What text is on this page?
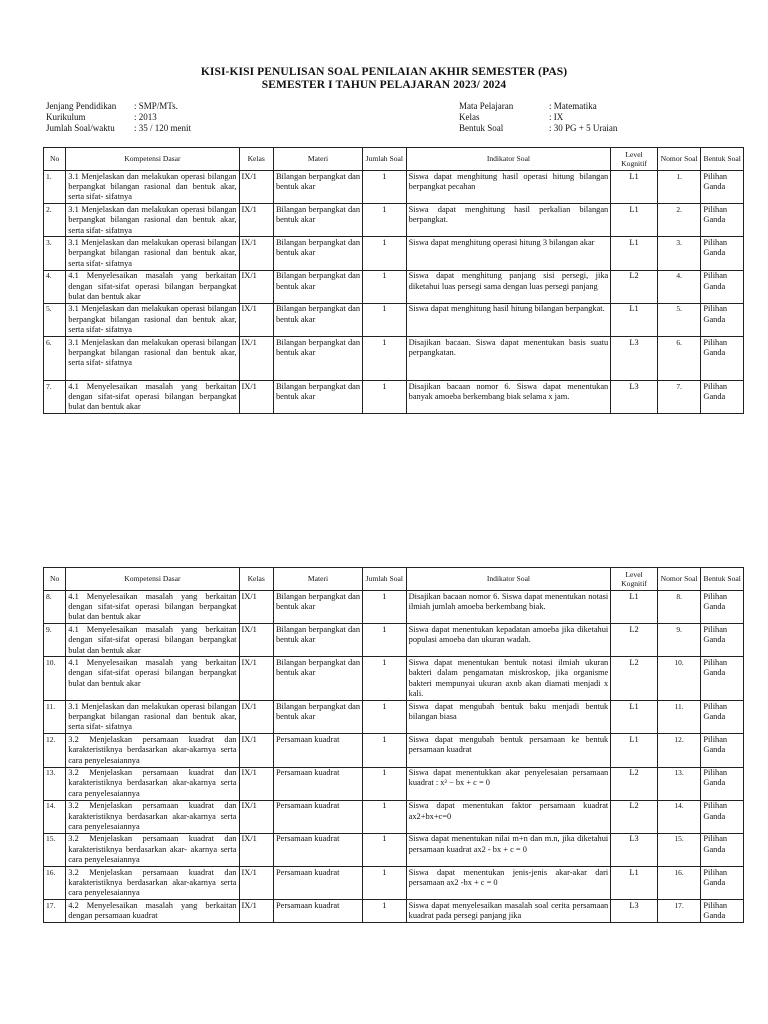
KISI-KISI PENULISAN SOAL PENILAIAN AKHIR SEMESTER (PAS)
SEMESTER I TAHUN PELAJARAN 2023/ 2024
Jenjang Pendidikan	: SMP/MTs.
Kurikulum	: 2013
Jumlah Soal/waktu	: 35 / 120 menit
Mata Pelajaran	: Matematika
Kelas	: IX
Bentuk Soal	: 30 PG + 5 Uraian
No	Kompetensi Dasar	Kelas	Materi	Jumlah Soal	Indikator Soal	Level Kognitif	Nomor Soal	Bentuk Soal
1.	3.1 Menjelaskan dan melakukan operasi bilangan berpangkat bilangan rasional dan bentuk akar, serta sifat- sifatnya	IX/1	Bilangan berpangkat dan bentuk akar	1	Siswa dapat menghitung hasil operasi hitung bilangan berpangkat pecahan	L1	1.	Pilihan Ganda
2.	3.1 Menjelaskan dan melakukan operasi bilangan berpangkat bilangan rasional dan bentuk akar, serta sifat- sifatnya	IX/1	Bilangan berpangkat dan bentuk akar	1	Siswa dapat menghitung hasil perkalian bilangan berpangkat.	L1	2.	Pilihan Ganda
3.	3.1 Menjelaskan dan melakukan operasi bilangan berpangkat bilangan rasional dan bentuk akar, serta sifat- sifatnya	IX/1	Bilangan berpangkat dan bentuk akar	1	Siswa dapat menghitung operasi hitung 3 bilangan akar	L1	3.	Pilihan Ganda
4.	4.1 Menyelesaikan masalah yang berkaitan dengan sifat-sifat operasi bilangan berpangkat bulat dan bentuk akar	IX/1	Bilangan berpangkat dan bentuk akar	1	Siswa dapat menghitung panjang sisi persegi, jika diketahui luas persegi sama dengan luas persegi panjang	L2	4.	Pilihan Ganda
5.	3.1 Menjelaskan dan melakukan operasi bilangan berpangkat bilangan rasional dan bentuk akar, serta sifat- sifatnya	IX/1	Bilangan berpangkat dan bentuk akar	1	Siswa dapat menghitung hasil hitung bilangan berpangkat.	L1	5.	Pilihan Ganda
6.	3.1 Menjelaskan dan melakukan operasi bilangan berpangkat bilangan rasional dan bentuk akar, serta sifat- sifatnya	IX/1	Bilangan berpangkat dan bentuk akar	1	Disajikan bacaan. Siswa dapat menentukan basis suatu perpangkatan.	L3	6.	Pilihan Ganda
7.	4.1 Menyelesaikan masalah yang berkaitan dengan sifat-sifat operasi bilangan berpangkat bulat dan bentuk akar	IX/1	Bilangan berpangkat dan bentuk akar	1	Disajikan bacaan nomor 6. Siswa dapat menentukan banyak amoeba berkembang biak selama x jam.	L3	7.	Pilihan Ganda
No	Kompetensi Dasar	Kelas	Materi	Jumlah Soal	Indikator Soal	Level Kognitif	Nomor Soal	Bentuk Soal
8.	4.1 Menyelesaikan masalah yang berkaitan dengan sifat-sifat operasi bilangan berpangkat bulat dan bentuk akar	IX/1	Bilangan berpangkat dan bentuk akar	1	Disajikan bacaan nomor 6. Siswa dapat menentukan notasi ilmiah jumlah amoeba berkembang biak.	L1	8.	Pilihan Ganda
9.	4.1 Menyelesaikan masalah yang berkaitan dengan sifat-sifat operasi bilangan berpangkat bulat dan bentuk akar	IX/1	Bilangan berpangkat dan bentuk akar	1	Siswa dapat menentukan kepadatan amoeba jika diketahui populasi amoeba dan ukuran wadah.	L2	9.	Pilihan Ganda
10.	4.1 Menyelesaikan masalah yang berkaitan dengan sifat-sifat operasi bilangan berpangkat bulat dan bentuk akar	IX/1	Bilangan berpangkat dan bentuk akar	1	Siswa dapat menentukan bentuk notasi ilmiah ukuran bakteri dalam pengamatan miskroskop, jika organisme bakteri mempunyai ukuran axnb akan diamati menjadi x kali.	L2	10.	Pilihan Ganda
11.	3.1 Menjelaskan dan melakukan operasi bilangan berpangkat bilangan rasional dan bentuk akar, serta sifat- sifatnya	IX/1	Bilangan berpangkat dan bentuk akar	1	Siswa dapat mengubah bentuk baku menjadi bentuk bilangan biasa	L1	11.	Pilihan Ganda
12.	3.2 Menjelaskan persamaan kuadrat dan karakteristiknya berdasarkan akar-akarnya serta cara penyelesaiannya	IX/1	Persamaan kuadrat	1	Siswa dapat mengubah bentuk persamaan ke bentuk persamaan kuadrat	L1	12.	Pilihan Ganda
13.	3.2 Menjelaskan persamaan kuadrat dan karakteristiknya berdasarkan akar-akarnya serta cara penyelesaiannya	IX/1	Persamaan kuadrat	1	Siswa dapat menentukkan akar penyelesaian persamaan kuadrat : x² − bx + c = 0	L2	13.	Pilihan Ganda
14.	3.2 Menjelaskan persamaan kuadrat dan karakteristiknya berdasarkan akar-akarnya serta cara penyelesaiannya	IX/1	Persamaan kuadrat	1	Siswa dapat menentukan faktor persamaan kuadrat ax2+bx+c=0	L2	14.	Pilihan Ganda
15.	3.2 Menjelaskan persamaan kuadrat dan karakteristiknya berdasarkan akar- akarnya serta cara penyelesaiannya	IX/1	Persamaan kuadrat	1	Siswa dapat menentukan nilai m+n dan m.n, jika diketahui persamaan kuadrat ax2 - bx + c = 0	L3	15.	Pilihan Ganda
16.	3.2 Menjelaskan persamaan kuadrat dan karakteristiknya berdasarkan akar-akarnya serta cara penyelesaiannya	IX/1	Persamaan kuadrat	1	Siswa dapat menentukan jenis-jenis akar-akar dari persamaan ax2 -bx + c = 0	L1	16.	Pilihan Ganda
17.	4.2 Menyelesaikan masalah yang berkaitan dengan persamaan kuadrat	IX/1	Persamaan kuadrat	1	Siswa dapat menyelesaikan masalah soal cerita persamaan kuadrat pada persegi panjang jika	L3	17.	Pilihan Ganda
